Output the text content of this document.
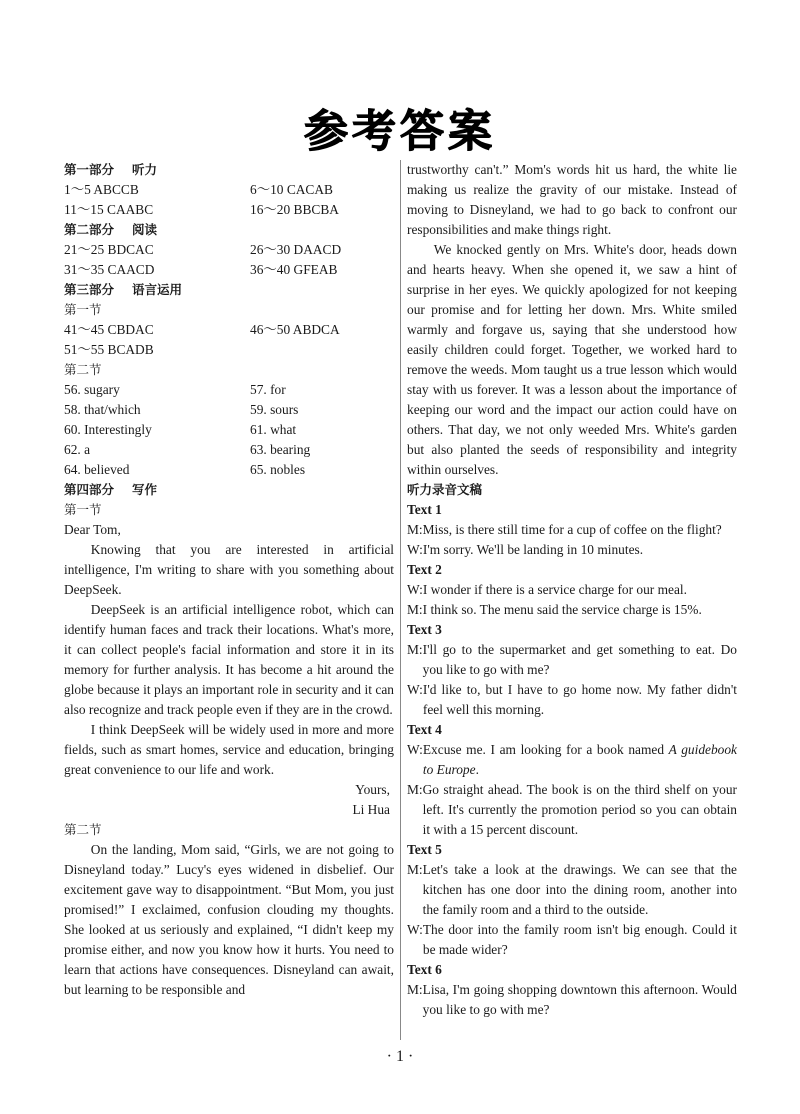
参考答案
第一部分 听力
1～5 ABCCB	6～10 CACAB
11～15 CAABC	16～20 BBCBA
第二部分 阅读
21～25 BDCAC	26～30 DAACD
31～35 CAACD	36～40 GFEAB
第三部分 语言运用
第一节
41～45 CBDAC	46～50 ABDCA
51～55 BCADB
第二节
56. sugary	57. for
58. that/which	59. sours
60. Interestingly	61. what
62. a	63. bearing
64. believed	65. nobles
第四部分 写作
第一节
Dear Tom,

Knowing that you are interested in artificial intelligence, I'm writing to share with you something about DeepSeek.

DeepSeek is an artificial intelligence robot, which can identify human faces and track their locations. What's more, it can collect people's facial information and store it in its memory for further analysis. It has become a hit around the globe because it plays an important role in security and it can also recognize and track people even if they are in the crowd.

I think DeepSeek will be widely used in more and more fields, such as smart homes, service and education, bringing great convenience to our life and work.

Yours,
Li Hua
第二节

On the landing, Mom said, “Girls, we are not going to Disneyland today.” Lucy's eyes widened in disbelief. Our excitement gave way to disappointment. “But Mom, you just promised!” I exclaimed, confusion clouding my thoughts. She looked at us seriously and explained, “I didn't keep my promise either, and now you know how it hurts. You need to learn that actions have consequences. Disneyland can await, but learning to be responsible and

trustworthy can't.” Mom's words hit us hard, the white lie making us realize the gravity of our mistake. Instead of moving to Disneyland, we had to go back to confront our responsibilities and make things right.

We knocked gently on Mrs. White's door, heads down and hearts heavy. When she opened it, we saw a hint of surprise in her eyes. We quickly apologized for not keeping our promise and for letting her down. Mrs. White smiled warmly and forgave us, saying that she understood how easily children could forget. Together, we worked hard to remove the weeds. Mom taught us a true lesson which would stay with us forever. It was a lesson about the importance of keeping our word and the impact our action could have on others. That day, we not only weeded Mrs. White's garden but also planted the seeds of responsibility and integrity within ourselves.

听力录音文稿
Text 1
M: Miss, is there still time for a cup of coffee on the flight?
W: I'm sorry. We'll be landing in 10 minutes.
Text 2
W: I wonder if there is a service charge for our meal.
M: I think so. The menu said the service charge is 15%.
Text 3
M: I'll go to the supermarket and get something to eat. Do you like to go with me?
W: I'd like to, but I have to go home now. My father didn't feel well this morning.
Text 4
W: Excuse me. I am looking for a book named A guidebook to Europe.
M: Go straight ahead. The book is on the third shelf on your left. It's currently the promotion period so you can obtain it with a 15 percent discount.
Text 5
M: Let's take a look at the drawings. We can see that the kitchen has one door into the dining room, another into the family room and a third to the outside.
W: The door into the family room isn't big enough. Could it be made wider?
Text 6
M: Lisa, I'm going shopping downtown this afternoon. Would you like to go with me?
· 1 ·
